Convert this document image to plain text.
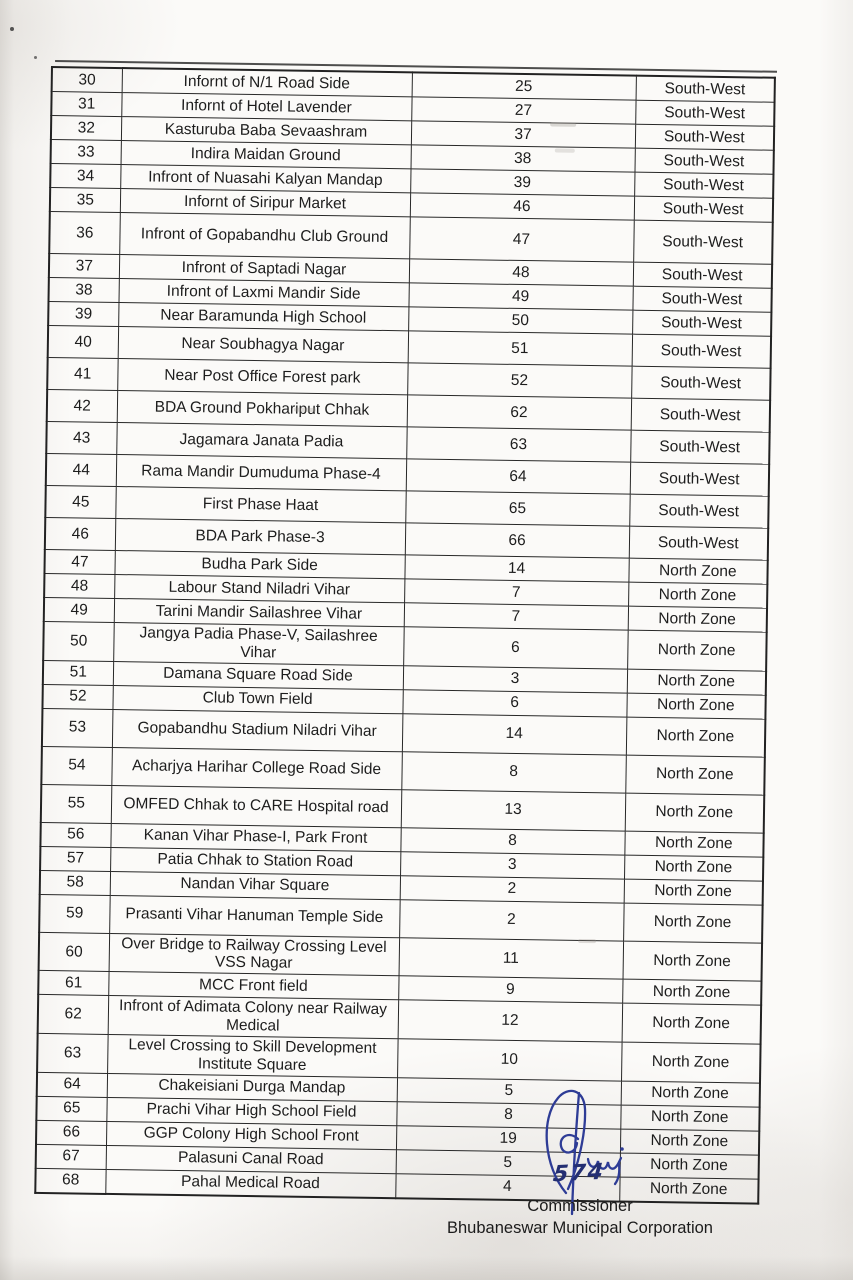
30	Infornt of N/1 Road Side	25	South-West
31	Infornt of Hotel Lavender	27	South-West
32	Kasturuba Baba Sevaashram	37	South-West
33	Indira Maidan Ground	38	South-West
34	Infront of Nuasahi Kalyan Mandap	39	South-West
35	Infornt of Siripur Market	46	South-West
36	Infront of Gopabandhu Club Ground	47	South-West
37	Infront of Saptadi Nagar	48	South-West
38	Infront of Laxmi Mandir Side	49	South-West
39	Near Baramunda High School	50	South-West
40	Near Soubhagya Nagar	51	South-West
41	Near Post Office Forest park	52	South-West
42	BDA Ground Pokhariput Chhak	62	South-West
43	Jagamara Janata Padia	63	South-West
44	Rama Mandir Dumuduma Phase-4	64	South-West
45	First Phase Haat	65	South-West
46	BDA Park Phase-3	66	South-West
47	Budha Park Side	14	North Zone
48	Labour Stand Niladri Vihar	7	North Zone
49	Tarini Mandir Sailashree Vihar	7	North Zone
50	Jangya Padia Phase-V, Sailashree Vihar	6	North Zone
51	Damana Square Road Side	3	North Zone
52	Club Town Field	6	North Zone
53	Gopabandhu Stadium Niladri Vihar	14	North Zone
54	Acharjya Harihar College Road Side	8	North Zone
55	OMFED Chhak to CARE Hospital road	13	North Zone
56	Kanan Vihar Phase-I, Park Front	8	North Zone
57	Patia Chhak to Station Road	3	North Zone
58	Nandan Vihar Square	2	North Zone
59	Prasanti Vihar Hanuman Temple Side	2	North Zone
60	Over Bridge to Railway Crossing Level VSS Nagar	11	North Zone
61	MCC Front field	9	North Zone
62	Infront of Adimata Colony near Railway Medical	12	North Zone
63	Level Crossing to Skill Development Institute Square	10	North Zone
64	Chakeisiani Durga Mandap	5	North Zone
65	Prachi Vihar High School Field	8	North Zone
66	GGP Colony High School Front	19	North Zone
67	Palasuni Canal Road	5	North Zone
68	Pahal Medical Road	4	North Zone
574
Commissioner
Bhubaneswar Municipal Corporation
